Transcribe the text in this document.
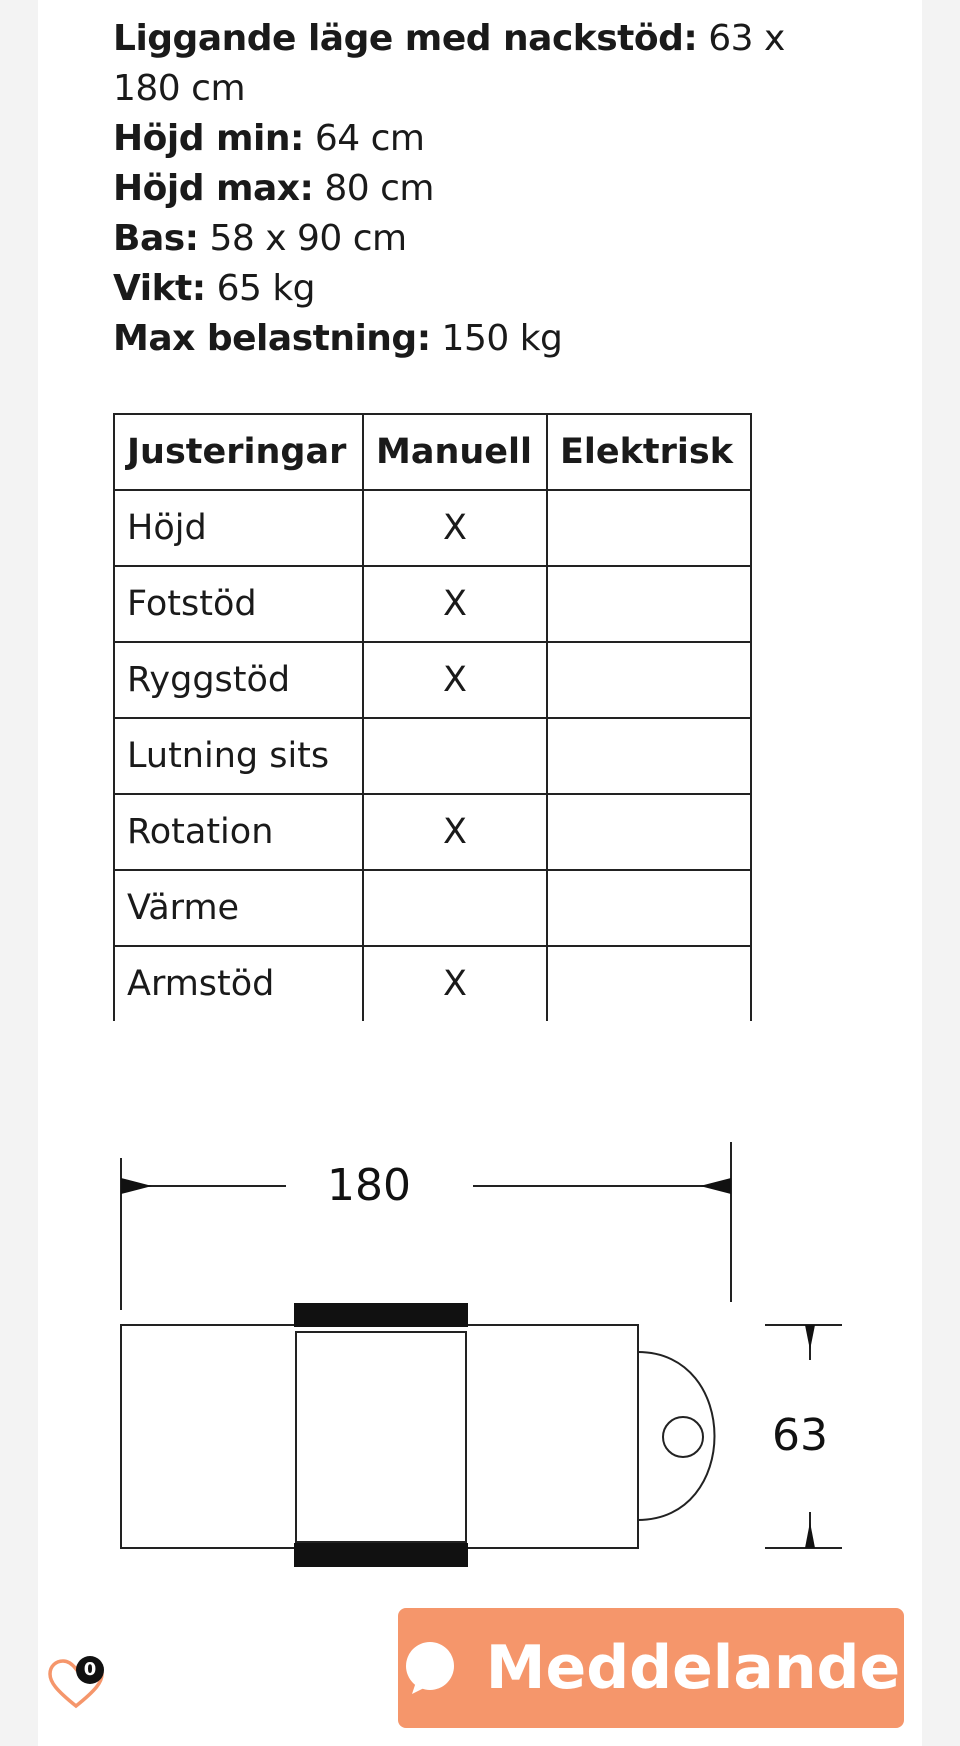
Liggande läge med nackstöd: 63 x 180 cm

Höjd min: 64 cm

Höjd max: 80 cm

Bas: 58 x 90 cm

Vikt: 65 kg

Max belastning: 150 kg

Justeringar	Manuell	Elektrisk
Höjd	X	
Fotstöd	X	
Ryggstöd	X	
Lutning sits		
Rotation	X	
Värme		
Armstöd	X	
180
63
0	Meddelande
